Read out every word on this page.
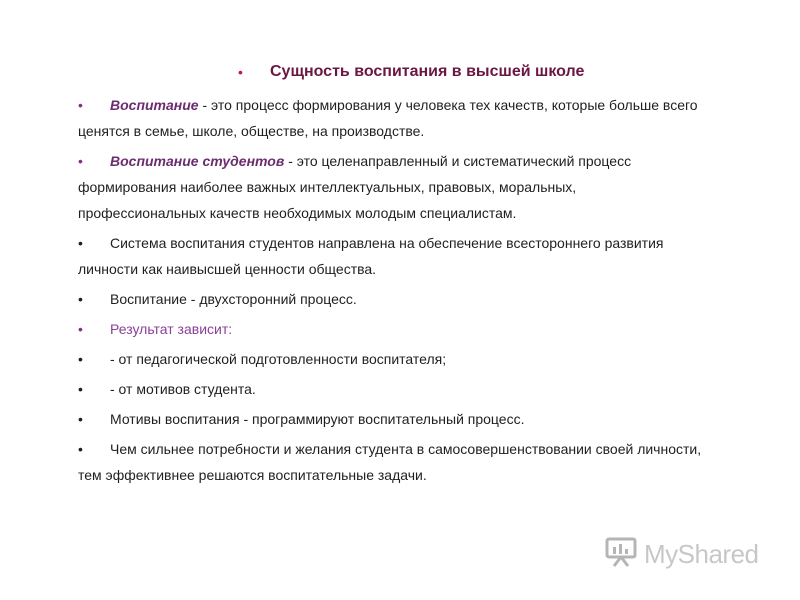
•	Сущность воспитания в высшей школе
•	Воспитание - это процесс формирования у человека тех качеств, которые больше всего
ценятся в семье, школе, обществе, на производстве.
•	Воспитание студентов - это целенаправленный и систематический процесс
формирования наиболее важных интеллектуальных, правовых, моральных,
профессиональных качеств необходимых молодым специалистам.
•	Система воспитания студентов направлена на обеспечение всестороннего развития
личности как наивысшей ценности общества.
•	Воспитание - двухсторонний процесс.
•	Результат зависит:
•	- от педагогической подготовленности воспитателя;
•	- от мотивов студента.
•	Мотивы воспитания - программируют воспитательный процесс.
•	Чем сильнее потребности и желания студента в самосовершенствовании своей личности,
тем эффективнее решаются воспитательные задачи.
MyShared
